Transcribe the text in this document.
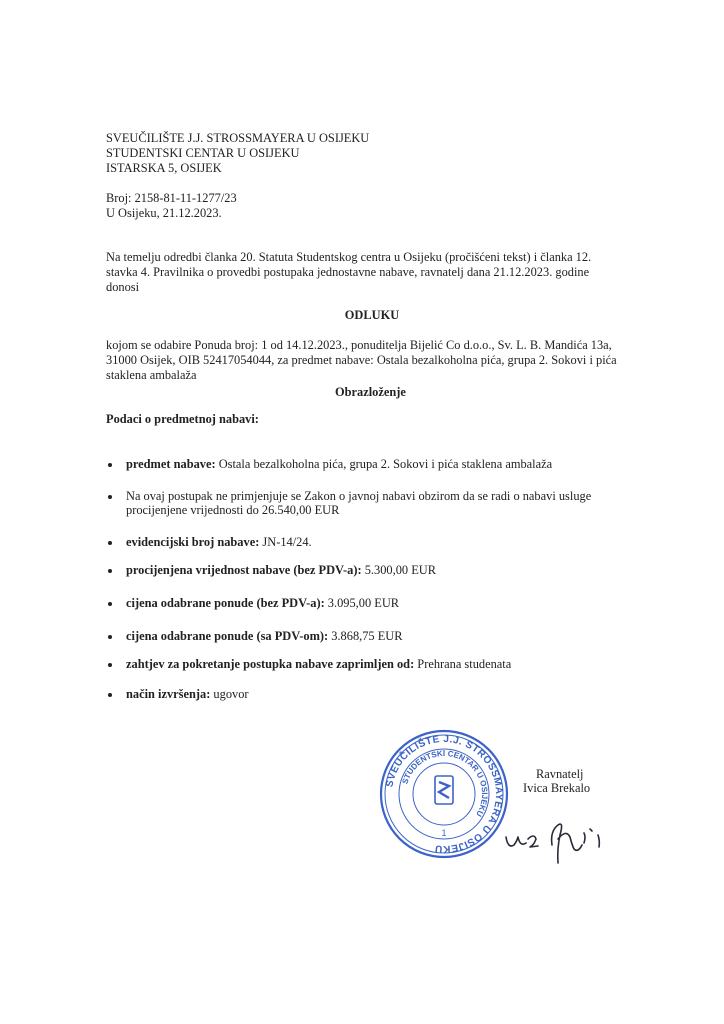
SVEUČILIŠTE J.J. STROSSMAYERA U OSIJEKU
STUDENTSKI CENTAR U OSIJEKU
ISTARSKA 5, OSIJEK
Broj: 2158-81-11-1277/23
U Osijeku, 21.12.2023.
Na temelju odredbi članka 20. Statuta Studentskog centra u Osijeku (pročišćeni tekst) i članka 12.
stavka 4. Pravilnika o provedbi postupaka jednostavne nabave, ravnatelj dana 21.12.2023. godine
donosi
ODLUKU
kojom se odabire Ponuda broj: 1 od 14.12.2023., ponuditelja Bijelić Co d.o.o., Sv. L. B. Mandića 13a,
31000 Osijek, OIB 52417054044, za predmet nabave: Ostala bezalkoholna pića, grupa 2. Sokovi i pića
staklena ambalaža
Obrazloženje
Podaci o predmetnoj nabavi:
predmet nabave: Ostala bezalkoholna pića, grupa 2. Sokovi i pića staklena ambalaža
Na ovaj postupak ne primjenjuje se Zakon o javnoj nabavi obzirom da se radi o nabavi usluge
procijenjene vrijednosti do 26.540,00 EUR
evidencijski broj nabave: JN-14/24.
procijenjena vrijednost nabave (bez PDV-a): 5.300,00 EUR
cijena odabrane ponude (bez PDV-a): 3.095,00 EUR
cijena odabrane ponude (sa PDV-om): 3.868,75 EUR
zahtjev za pokretanje postupka nabave zaprimljen od: Prehrana studenata
način izvršenja: ugovor
SVEUČILIŠTE J.J. STROSSMAYERA U OSIJEKU
STUDENTSKI CENTAR U OSIJEKU
1
Ravnatelj
Ivica Brekalo
